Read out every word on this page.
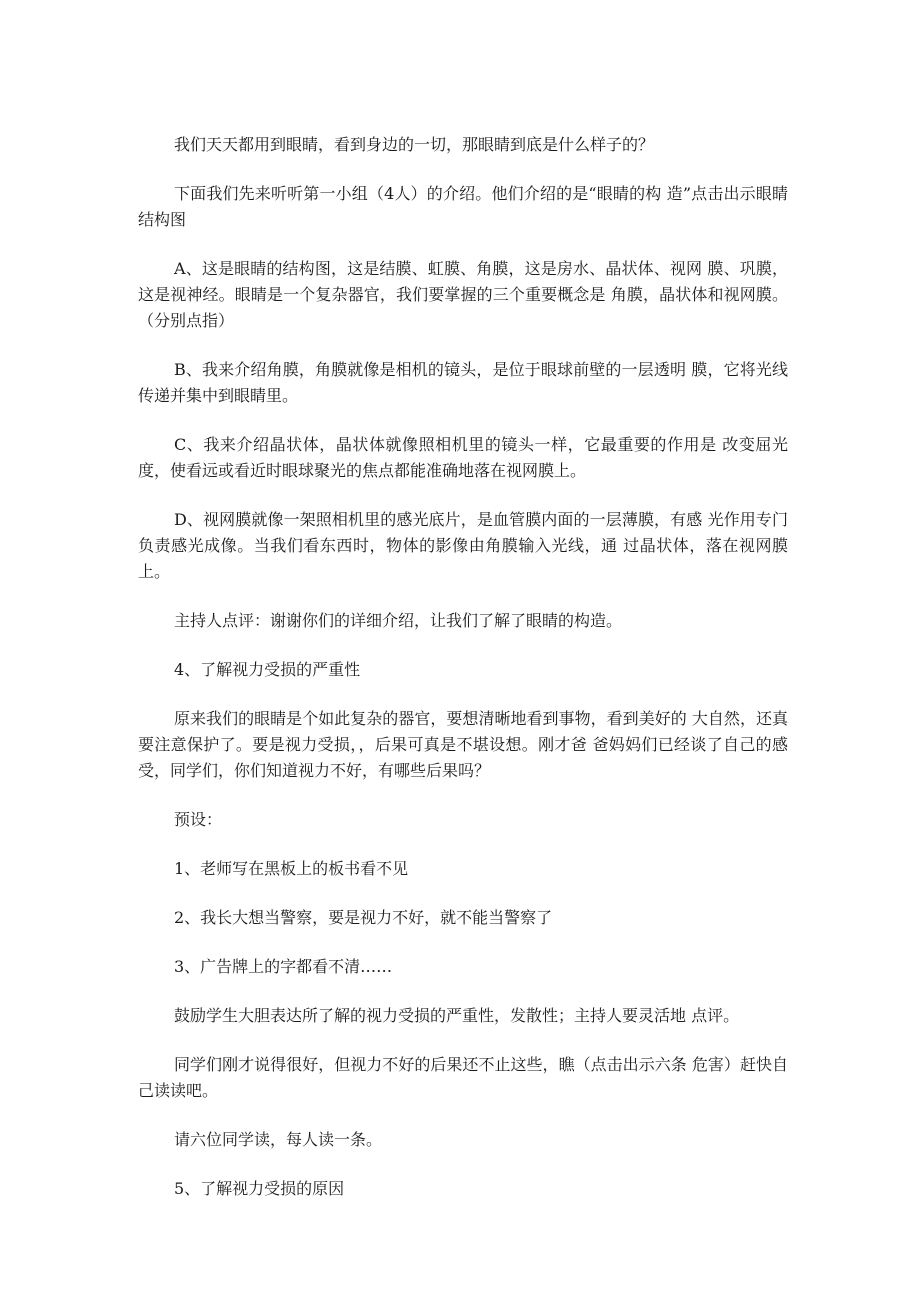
我们天天都用到眼睛，看到身边的一切，那眼睛到底是什么样子的？

下面我们先来听听第一小组（4人）的介绍。他们介绍的是“眼睛的构 造”点击出示眼睛结构图

A、这是眼睛的结构图，这是结膜、虹膜、角膜，这是房水、晶状体、视网 膜、巩膜，这是视神经。眼睛是一个复杂器官，我们要掌握的三个重要概念是 角膜，晶状体和视网膜。（分别点指）

B、我来介绍角膜，角膜就像是相机的镜头，是位于眼球前壁的一层透明 膜，它将光线传递并集中到眼睛里。

C、我来介绍晶状体，晶状体就像照相机里的镜头一样，它最重要的作用是 改变屈光度，使看远或看近时眼球聚光的焦点都能准确地落在视网膜上。

D、视网膜就像一架照相机里的感光底片，是血管膜内面的一层薄膜，有感 光作用专门负责感光成像。当我们看东西时，物体的影像由角膜输入光线，通 过晶状体，落在视网膜上。

主持人点评：谢谢你们的详细介绍，让我们了解了眼睛的构造。

4、了解视力受损的严重性

原来我们的眼睛是个如此复杂的器官，要想清晰地看到事物，看到美好的 大自然，还真要注意保护了。要是视力受损，，后果可真是不堪设想。刚才爸 爸妈妈们已经谈了自己的感受，同学们，你们知道视力不好，有哪些后果吗？

预设：

1、老师写在黑板上的板书看不见

2、我长大想当警察，要是视力不好，就不能当警察了

3、广告牌上的字都看不清……

鼓励学生大胆表达所了解的视力受损的严重性，发散性；主持人要灵活地 点评。

同学们刚才说得很好，但视力不好的后果还不止这些，瞧（点击出示六条 危害）赶快自己读读吧。

请六位同学读，每人读一条。

5、了解视力受损的原因
